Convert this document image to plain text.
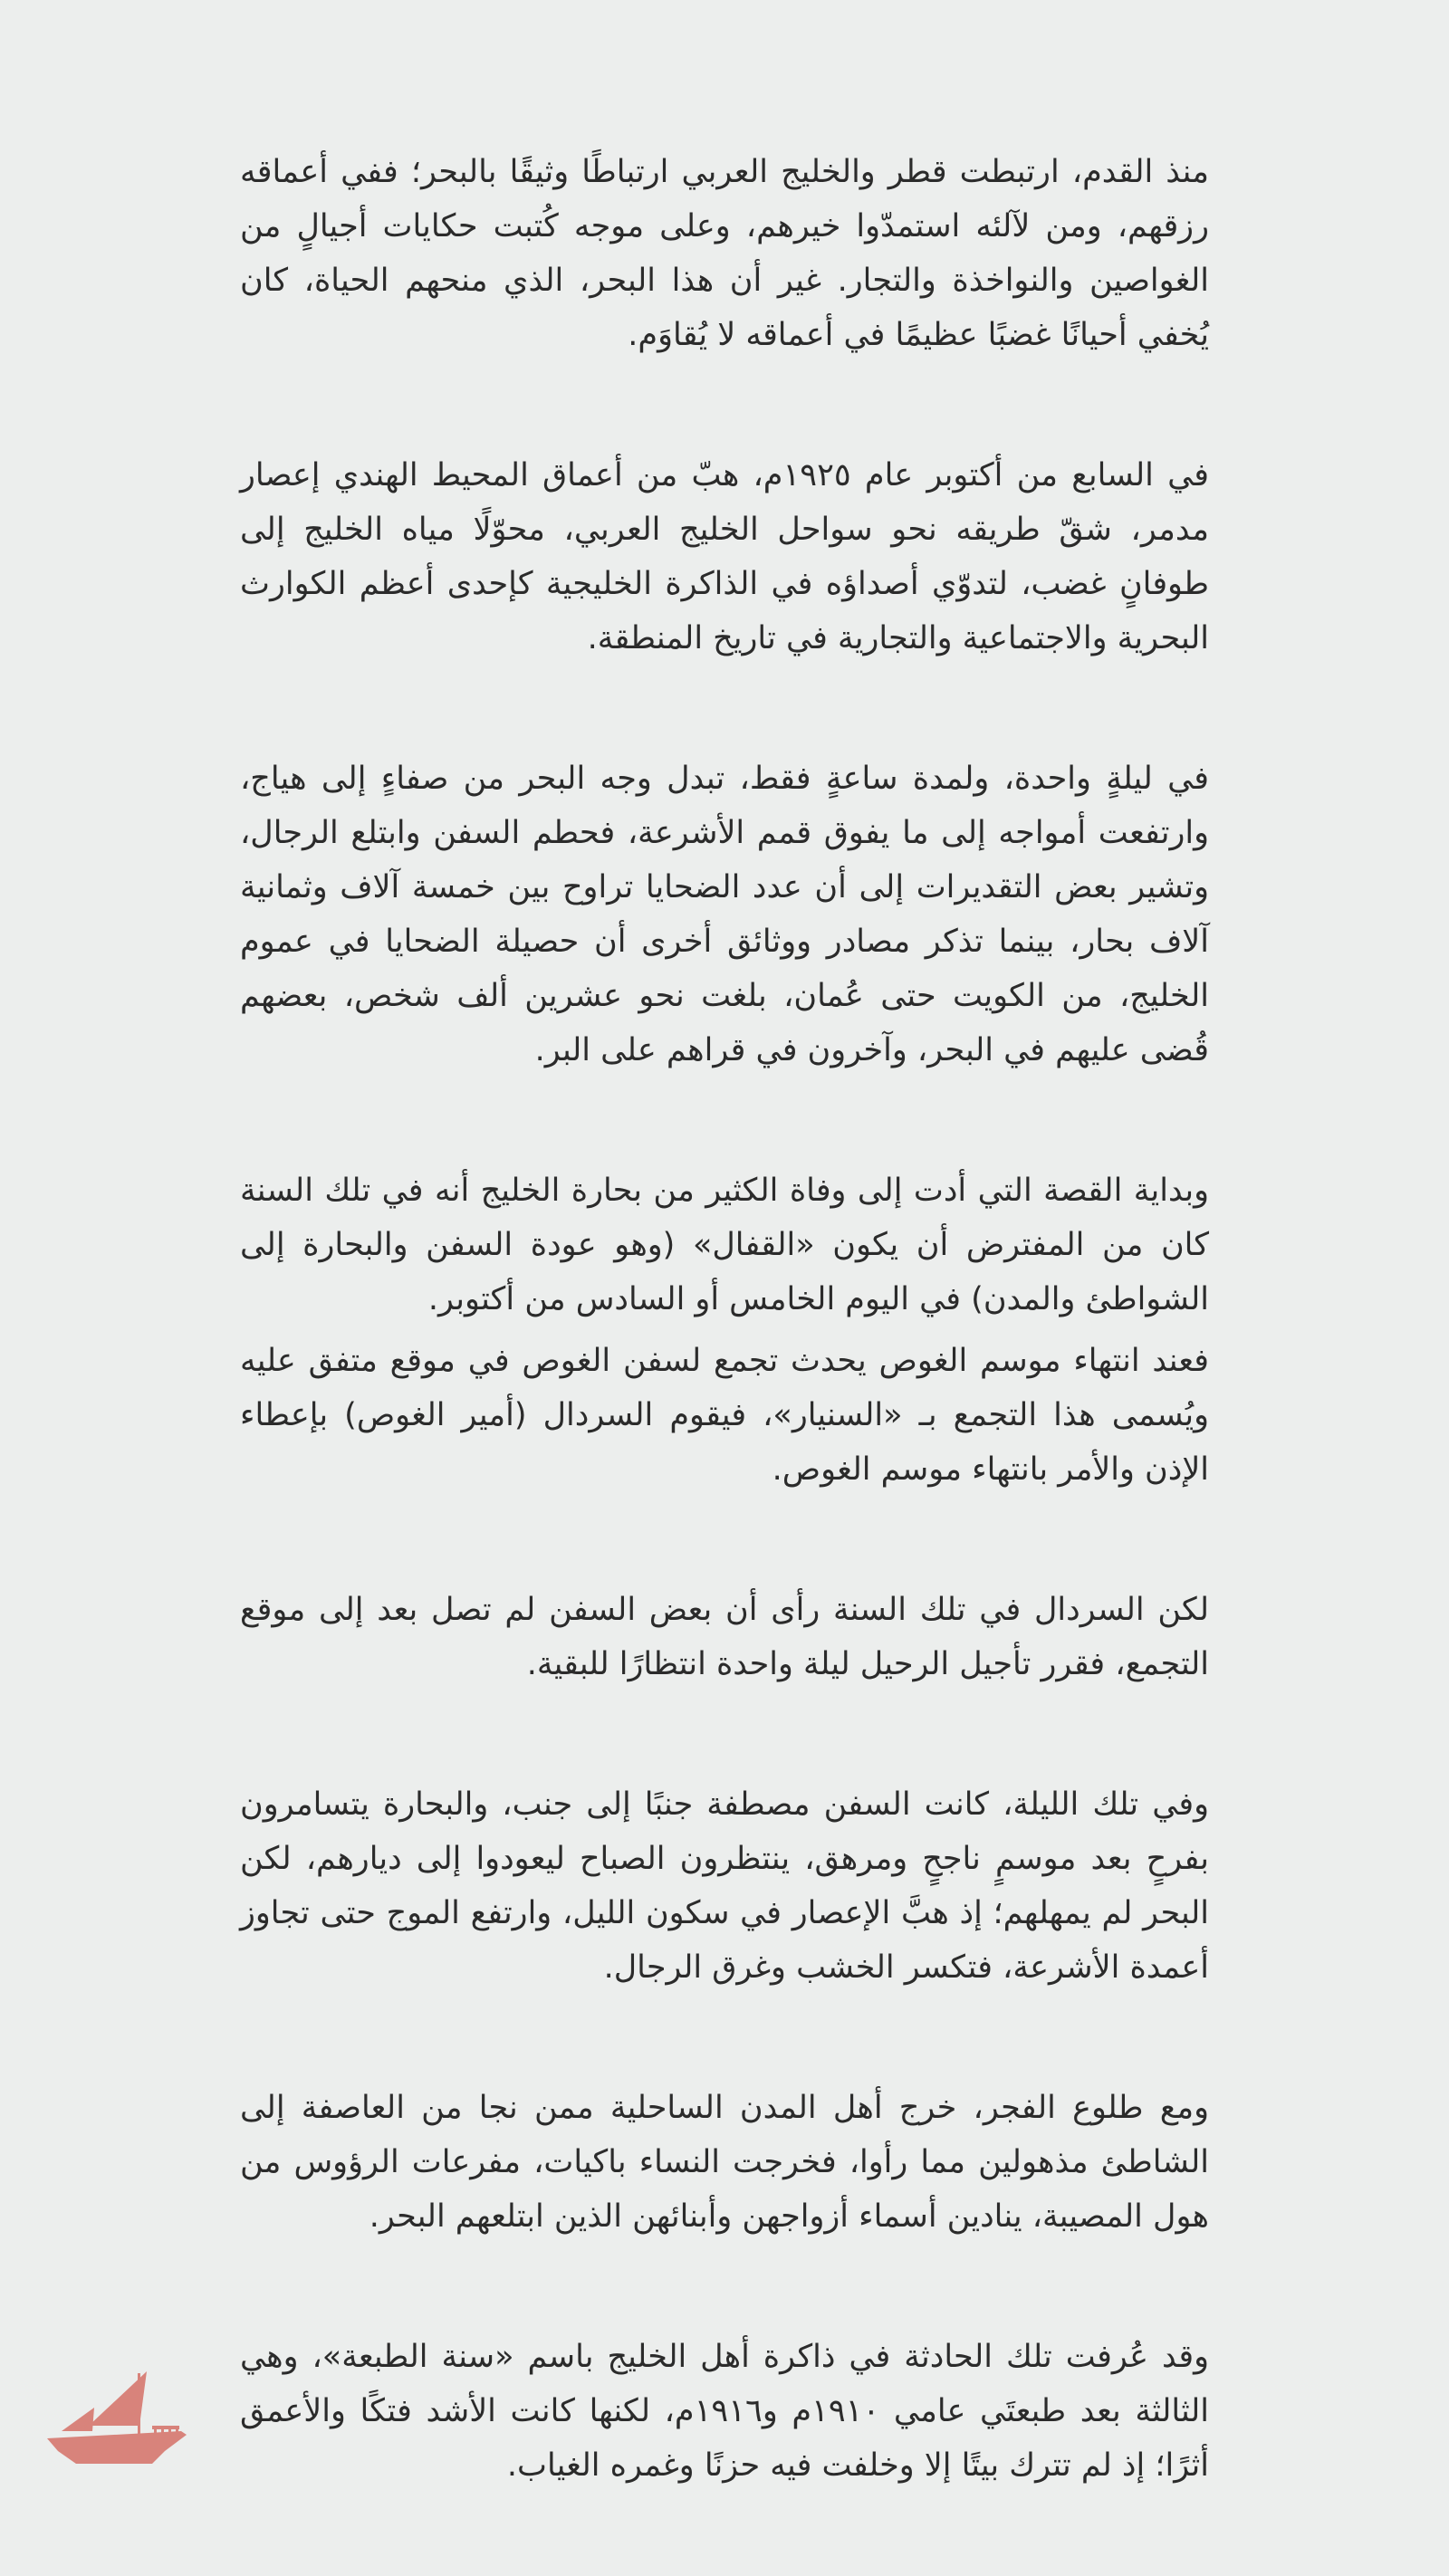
منذ القدم، ارتبطت قطر والخليج العربي ارتباطًا وثيقًا بالبحر؛ ففي أعماقه رزقهم، ومن لآلئه استمدّوا خيرهم، وعلى موجه كُتبت حكايات أجيالٍ من الغواصين والنواخذة والتجار. غير أن هذا البحر، الذي منحهم الحياة، كان يُخفي أحيانًا غضبًا عظيمًا في أعماقه لا يُقاوَم.

في السابع من أكتوبر عام ١٩٢٥م، هبّ من أعماق المحيط الهندي إعصار مدمر، شقّ طريقه نحو سواحل الخليج العربي، محوّلًا مياه الخليج إلى طوفانٍ غضب، لتدوّي أصداؤه في الذاكرة الخليجية كإحدى أعظم الكوارث البحرية والاجتماعية والتجارية في تاريخ المنطقة.

في ليلةٍ واحدة، ولمدة ساعةٍ فقط، تبدل وجه البحر من صفاءٍ إلى هياج، وارتفعت أمواجه إلى ما يفوق قمم الأشرعة، فحطم السفن وابتلع الرجال، وتشير بعض التقديرات إلى أن عدد الضحايا تراوح بين خمسة آلاف وثمانية آلاف بحار، بينما تذكر مصادر ووثائق أخرى أن حصيلة الضحايا في عموم الخليج، من الكويت حتى عُمان، بلغت نحو عشرين ألف شخص، بعضهم قُضى عليهم في البحر، وآخرون في قراهم على البر.

وبداية القصة التي أدت إلى وفاة الكثير من بحارة الخليج أنه في تلك السنة كان من المفترض أن يكون «القفال» (وهو عودة السفن والبحارة إلى الشواطئ والمدن) في اليوم الخامس أو السادس من أكتوبر.

فعند انتهاء موسم الغوص يحدث تجمع لسفن الغوص في موقع متفق عليه ويُسمى هذا التجمع بـ «السنيار»، فيقوم السردال (أمير الغوص) بإعطاء الإذن والأمر بانتهاء موسم الغوص.

لكن السردال في تلك السنة رأى أن بعض السفن لم تصل بعد إلى موقع التجمع، فقرر تأجيل الرحيل ليلة واحدة انتظارًا للبقية.

وفي تلك الليلة، كانت السفن مصطفة جنبًا إلى جنب، والبحارة يتسامرون بفرحٍ بعد موسمٍ ناجحٍ ومرهق، ينتظرون الصباح ليعودوا إلى ديارهم، لكن البحر لم يمهلهم؛ إذ هبَّ الإعصار في سكون الليل، وارتفع الموج حتى تجاوز أعمدة الأشرعة، فتكسر الخشب وغرق الرجال.

ومع طلوع الفجر، خرج أهل المدن الساحلية ممن نجا من العاصفة إلى الشاطئ مذهولين مما رأوا، فخرجت النساء باكيات، مفرعات الرؤوس من هول المصيبة، ينادين أسماء أزواجهن وأبنائهن الذين ابتلعهم البحر.

وقد عُرفت تلك الحادثة في ذاكرة أهل الخليج باسم «سنة الطبعة»، وهي الثالثة بعد طبعتَي عامي ١٩١٠م و١٩١٦م، لكنها كانت الأشد فتكًا والأعمق أثرًا؛ إذ لم تترك بيتًا إلا وخلفت فيه حزنًا وغمره الغياب.
